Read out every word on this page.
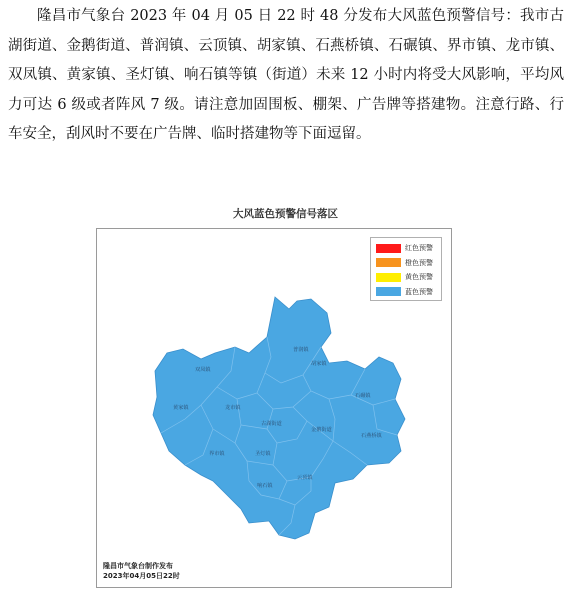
隆昌市气象台 2023 年 04 月 05 日 22 时 48 分发布大风蓝色预警信号：我市古湖街道、金鹅街道、普润镇、云顶镇、胡家镇、石燕桥镇、石碾镇、界市镇、龙市镇、双凤镇、黄家镇、圣灯镇、响石镇等镇（街道）未来 12 小时内将受大风影响，平均风力可达 6 级或者阵风 7 级。请注意加固围板、棚架、广告牌等搭建物。注意行路、行车安全，刮风时不要在广告牌、临时搭建物等下面逗留。

大风蓝色预警信号落区
普润镇
胡家镇
双凤镇
石碾镇
黄家镇	龙市镇
古湖街道
金鹅街道
石燕桥镇
界市镇	圣灯镇
响石镇
云顶镇
红色预警
橙色预警
黄色预警
蓝色预警
隆昌市气象台制作发布
2023年04月05日22时
